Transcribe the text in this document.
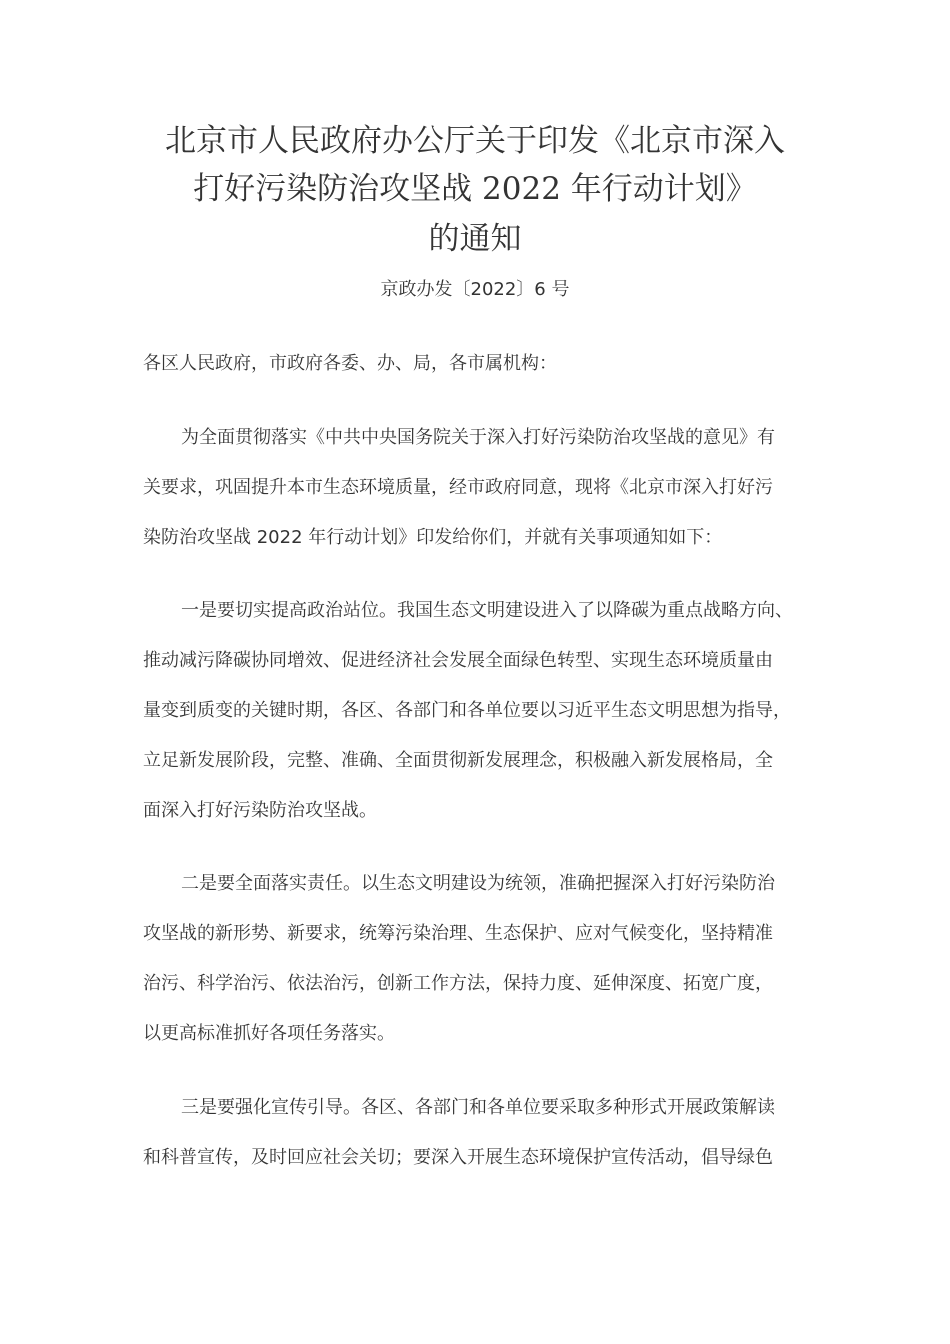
北京市人民政府办公厅关于印发《北京市深入
打好污染防治攻坚战 2022 年行动计划》
的通知
京政办发〔2022〕6 号
各区人民政府，市政府各委、办、局，各市属机构：
为全面贯彻落实《中共中央国务院关于深入打好污染防治攻坚战的意见》有
关要求，巩固提升本市生态环境质量，经市政府同意，现将《北京市深入打好污
染防治攻坚战 2022 年行动计划》印发给你们，并就有关事项通知如下：
一是要切实提高政治站位。我国生态文明建设进入了以降碳为重点战略方向、
推动减污降碳协同增效、促进经济社会发展全面绿色转型、实现生态环境质量由
量变到质变的关键时期，各区、各部门和各单位要以习近平生态文明思想为指导，
立足新发展阶段，完整、准确、全面贯彻新发展理念，积极融入新发展格局，全
面深入打好污染防治攻坚战。
二是要全面落实责任。以生态文明建设为统领，准确把握深入打好污染防治
攻坚战的新形势、新要求，统筹污染治理、生态保护、应对气候变化，坚持精准
治污、科学治污、依法治污，创新工作方法，保持力度、延伸深度、拓宽广度，
以更高标准抓好各项任务落实。
三是要强化宣传引导。各区、各部门和各单位要采取多种形式开展政策解读
和科普宣传，及时回应社会关切；要深入开展生态环境保护宣传活动，倡导绿色
